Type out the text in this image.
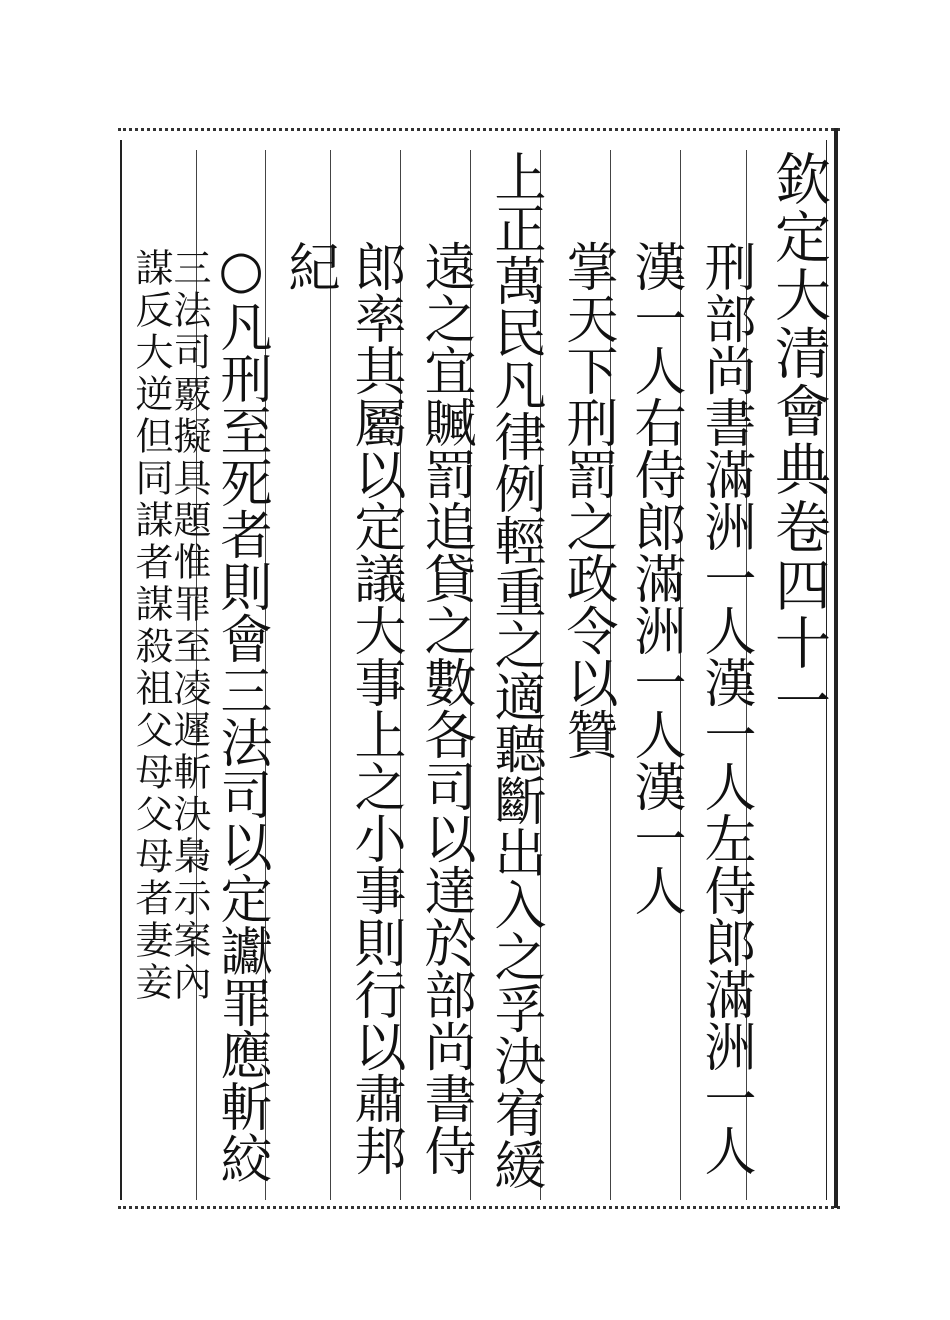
欽定大清會典卷四十一
刑部尚書滿洲一人漢一人左侍郎滿洲一人
漢一人右侍郎滿洲一人漢一人
掌天下刑罰之政令以贊
上正萬民凡律例輕重之適聽斷出入之孚決宥緩
遠之宜贓罰追貸之數各司以達於部尚書侍
郎率其屬以定議大事上之小事則行以肅邦
紀
○凡刑至死者則會三法司以定讞罪應斬絞
三法司覈擬具題惟罪至凌遲斬決梟示案內
謀反大逆但同謀者謀殺祖父母父母者妻妾
